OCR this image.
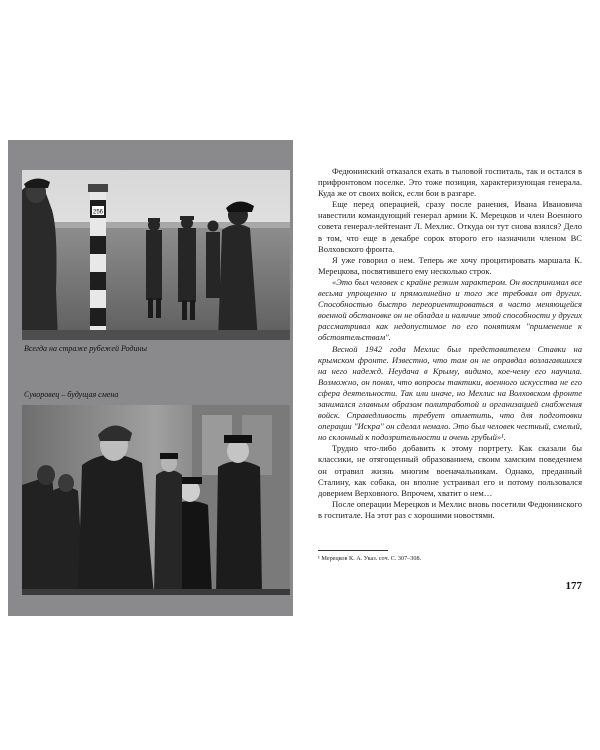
256
Всегда на страже рубежей Родины
Суворовец – будущая смена

Федюнинский отказался ехать в тыловой госпиталь, так и остался в прифронтовом поселке. Это тоже позиция, характеризующая генерала. Куда же от своих войск, если бои в разгаре.

Еще перед операцией, сразу после ранения, Ивана Ивановича навестили командующий генерал армии К. Мерецков и член Военного совета генерал-лейтенант Л. Мехлис. Откуда он тут снова взялся? Дело в том, что еще в декабре сорок второго его назначили членом ВС Волховского фронта.

Я уже говорил о нем. Теперь же хочу процитировать маршала К. Мерецкова, посвятившего ему несколько строк.

«Это был человек с крайне резким характером. Он воспринимал все весьма упрощенно и прямолинейно и того же требовал от других. Способностью быстро переориентироваться в часто меняющейся военной обстановке он не обладал и наличие этой способности у других рассматривал как недопустимое по его понятиям "применение к обстоятельствам".

Весной 1942 года Мехлис был представителем Ставки на крымском фронте. Известно, что там он не оправдал возлагавшихся на него надежд. Неудача в Крыму, видимо, кое-чему его научила. Возможно, он понял, что вопросы тактики, военного искусства не его сфера деятельности. Так или иначе, но Мехлис на Волховском фронте занимался главным образом политработой и организацией снабжения войск. Справедливость требует отметить, что для подготовки операции "Искра" он сделал немало. Это был человек честный, смелый, но склонный к подозрительности и очень грубый»¹.

Трудно что-либо добавить к этому портрету. Как сказали бы классики, не отягощенный образованием, своим хамским поведением он отравил жизнь многим военачальникам. Однако, преданный Сталину, как собака, он вполне устраивал его и потому пользовался доверием Верховного. Впрочем, хватит о нем…

После операции Мерецков и Мехлис вновь посетили Федюнинского в госпитале. На этот раз с хорошими новостями.

¹ Мерецков К. А. Указ. соч. С. 307–308.
177
